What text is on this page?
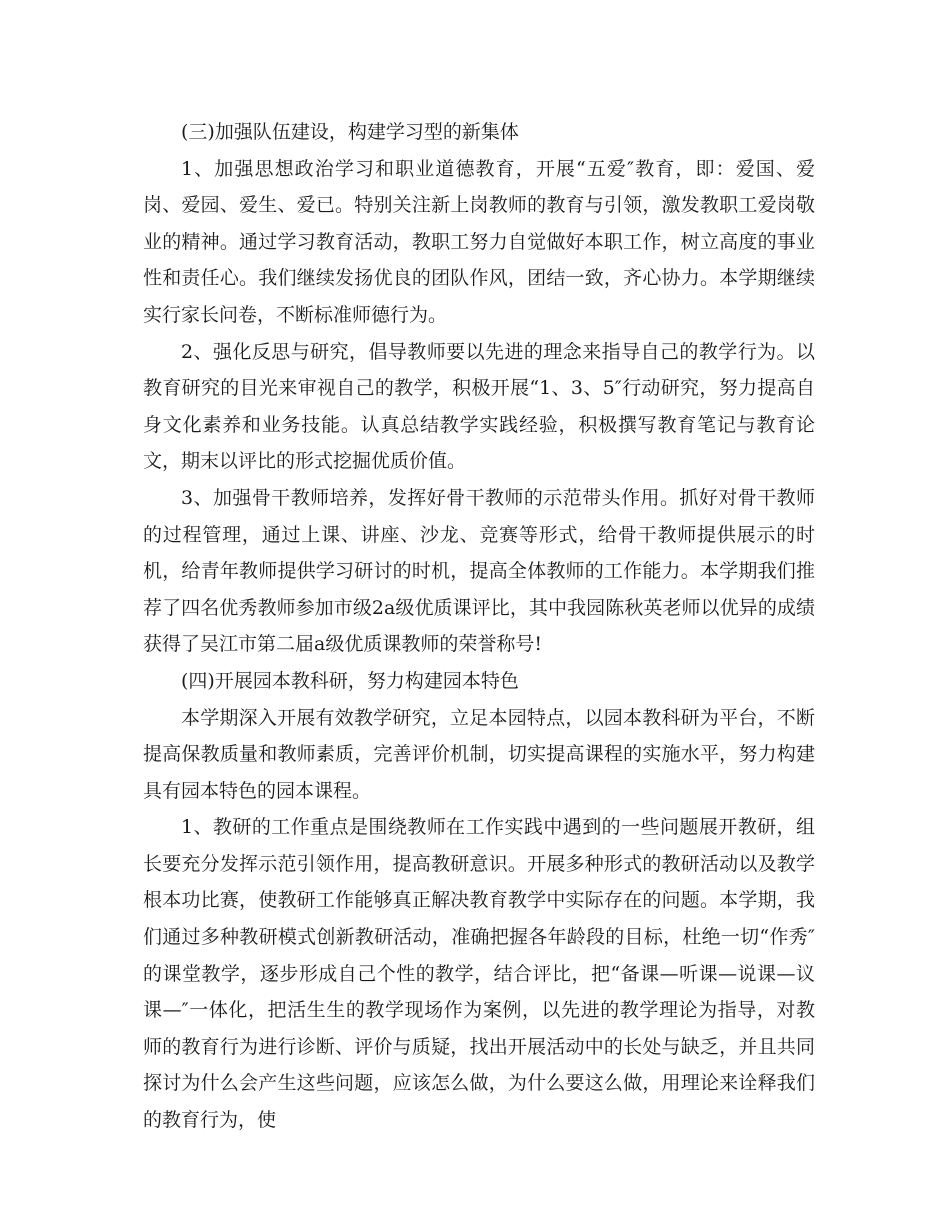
(三)加强队伍建设，构建学习型的新集体

1、加强思想政治学习和职业道德教育，开展“五爱″教育，即：爱国、爱岗、爱园、爱生、爱已。特别关注新上岗教师的教育与引领，激发教职工爱岗敬业的精神。通过学习教育活动，教职工努力自觉做好本职工作，树立高度的事业性和责任心。我们继续发扬优良的团队作风，团结一致，齐心协力。本学期继续实行家长问卷，不断标准师德行为。

2、强化反思与研究，倡导教师要以先进的理念来指导自己的教学行为。以教育研究的目光来审视自己的教学，积极开展“1、3、5″行动研究，努力提高自身文化素养和业务技能。认真总结教学实践经验，积极撰写教育笔记与教育论文，期末以评比的形式挖掘优质价值。

3、加强骨干教师培养，发挥好骨干教师的示范带头作用。抓好对骨干教师的过程管理，通过上课、讲座、沙龙、竞赛等形式，给骨干教师提供展示的时机，给青年教师提供学习研讨的时机，提高全体教师的工作能力。本学期我们推荐了四名优秀教师参加市级2a级优质课评比，其中我园陈秋英老师以优异的成绩获得了吴江市第二届a级优质课教师的荣誉称号!

(四)开展园本教科研，努力构建园本特色

本学期深入开展有效教学研究，立足本园特点，以园本教科研为平台，不断提高保教质量和教师素质，完善评价机制，切实提高课程的实施水平，努力构建具有园本特色的园本课程。

1、教研的工作重点是围绕教师在工作实践中遇到的一些问题展开教研，组长要充分发挥示范引领作用，提高教研意识。开展多种形式的教研活动以及教学根本功比赛，使教研工作能够真正解决教育教学中实际存在的问题。本学期，我们通过多种教研模式创新教研活动，准确把握各年龄段的目标，杜绝一切“作秀″的课堂教学，逐步形成自己个性的教学，结合评比，把“备课—听课—说课—议课—″一体化，把活生生的教学现场作为案例，以先进的教学理论为指导，对教师的教育行为进行诊断、评价与质疑，找出开展活动中的长处与缺乏，并且共同探讨为什么会产生这些问题，应该怎么做，为什么要这么做，用理论来诠释我们的教育行为，使
